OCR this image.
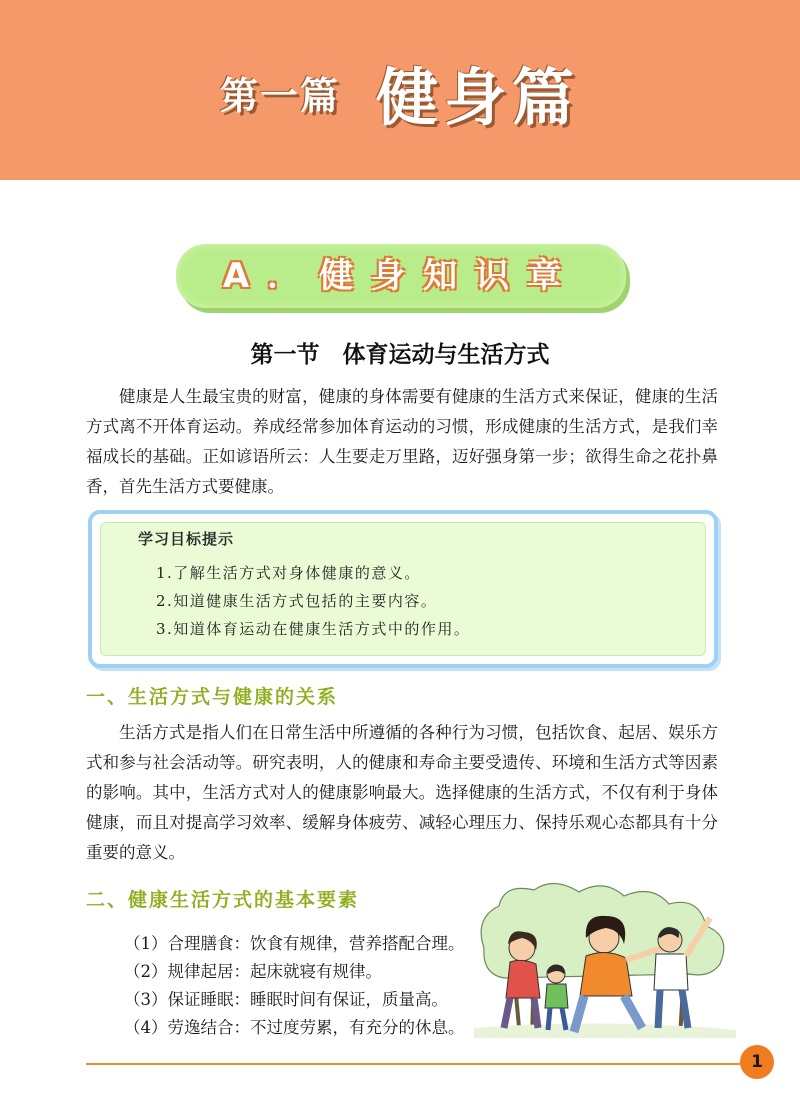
第一篇 健身篇
A．健身知识章
第一节　体育运动与生活方式

健康是人生最宝贵的财富，健康的身体需要有健康的生活方式来保证，健康的生活方式离不开体育运动。养成经常参加体育运动的习惯，形成健康的生活方式，是我们幸福成长的基础。正如谚语所云：人生要走万里路，迈好强身第一步；欲得生命之花扑鼻香，首先生活方式要健康。

学习目标提示
1.了解生活方式对身体健康的意义。
2.知道健康生活方式包括的主要内容。
3.知道体育运动在健康生活方式中的作用。
一、生活方式与健康的关系

生活方式是指人们在日常生活中所遵循的各种行为习惯，包括饮食、起居、娱乐方式和参与社会活动等。研究表明，人的健康和寿命主要受遗传、环境和生活方式等因素的影响。其中，生活方式对人的健康影响最大。选择健康的生活方式，不仅有利于身体健康，而且对提高学习效率、缓解身体疲劳、减轻心理压力、保持乐观心态都具有十分重要的意义。

二、健康生活方式的基本要素
（1）合理膳食：饮食有规律，营养搭配合理。
（2）规律起居：起床就寝有规律。
（3）保证睡眠：睡眠时间有保证，质量高。
（4）劳逸结合：不过度劳累，有充分的休息。
1
